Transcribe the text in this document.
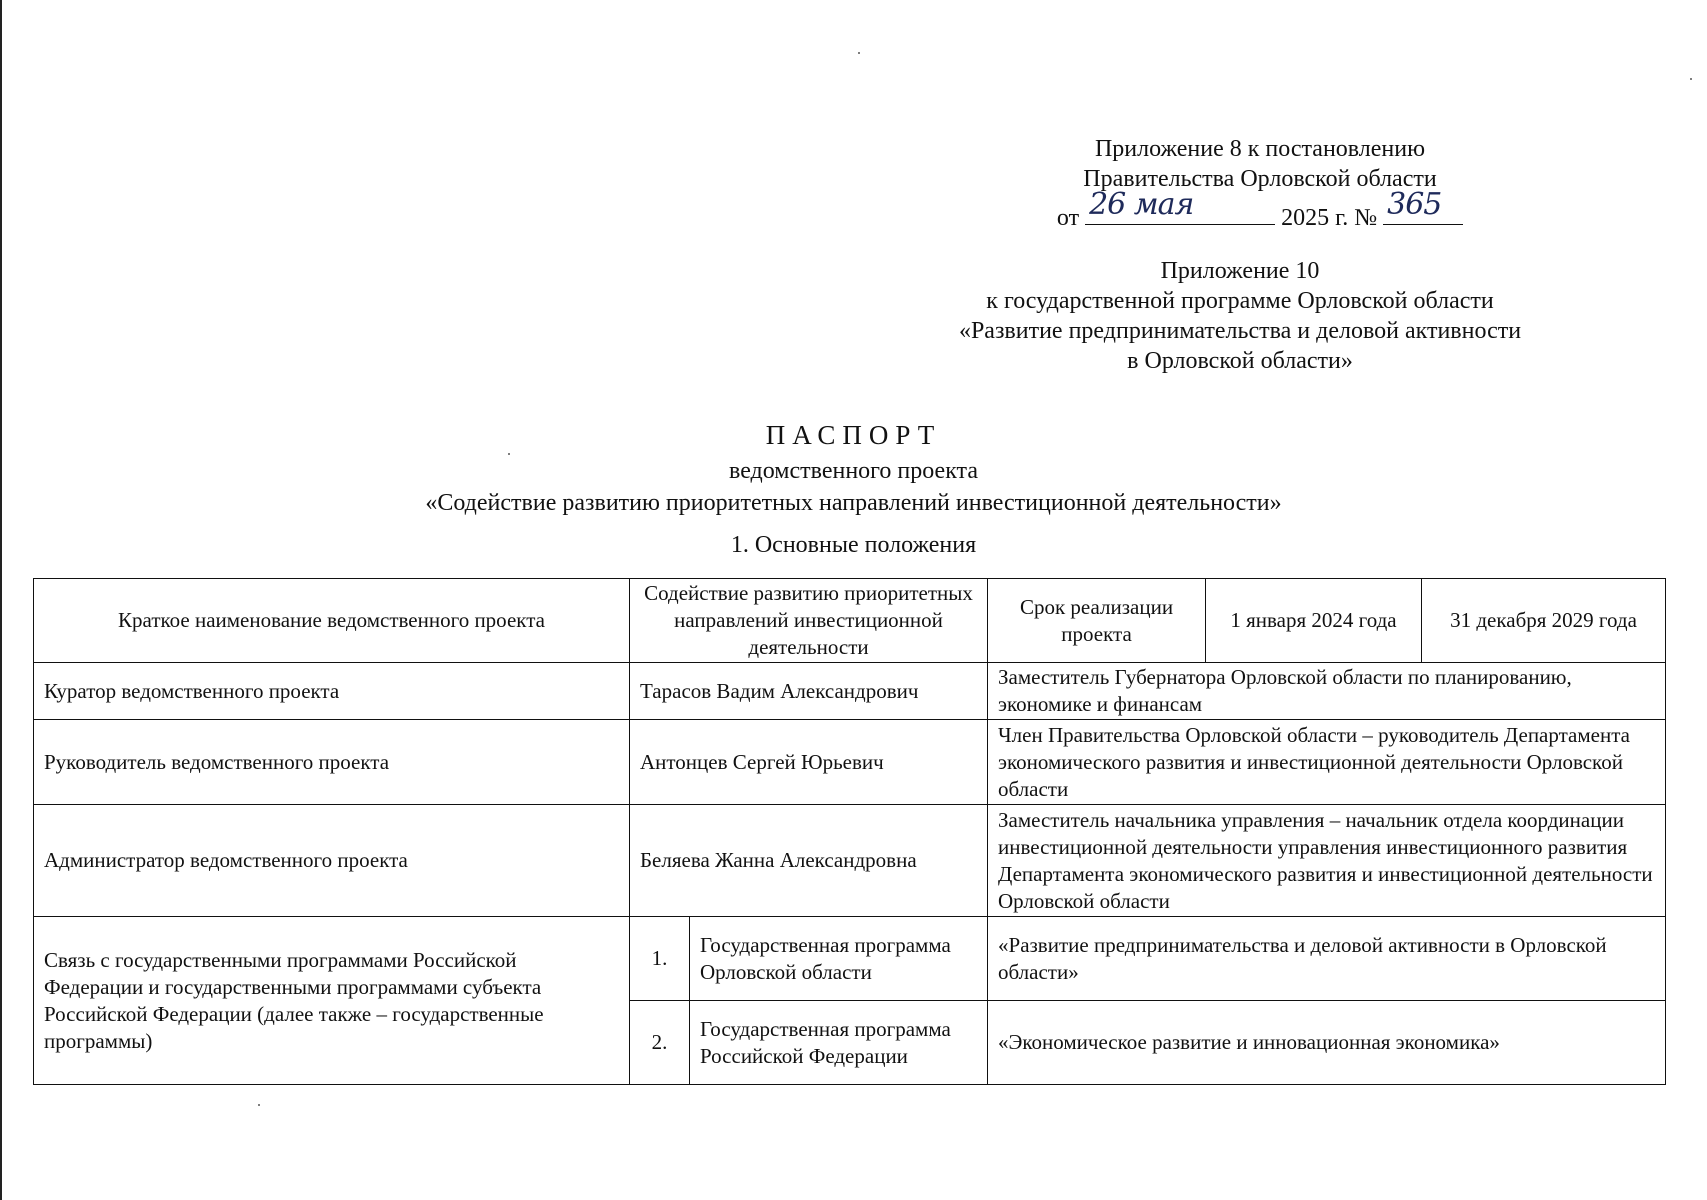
Приложение 8 к постановлению
Правительства Орловской области
от 26 мая	2025 г. № 365
Приложение 10
к государственной программе Орловской области
«Развитие предпринимательства и деловой активности
в Орловской области»
ПАСПОРТ
ведомственного проекта
«Содействие развитию приоритетных направлений инвестиционной деятельности»
1. Основные положения
Краткое наименование ведомственного проекта	Содействие развитию приоритетных направлений инвестиционной деятельности		Срок реализации проекта	1 января 2024 года	31 декабря 2029 года
Куратор ведомственного проекта	Тарасов Вадим Александрович		Заместитель Губернатора Орловской области по планированию, экономике и финансам		
Руководитель ведомственного проекта	Антонцев Сергей Юрьевич		Член Правительства Орловской области – руководитель Департамента экономического развития и инвестиционной деятельности Орловской области		
Администратор ведомственного проекта	Беляева Жанна Александровна		Заместитель начальника управления – начальник отдела координации инвестиционной деятельности управления инвестиционного развития Департамента экономического развития и инвестиционной деятельности Орловской области		
Связь с государственными программами Российской Федерации и государственными программами субъекта Российской Федерации (далее также – государственные программы)	1.	Государственная программа Орловской области	«Развитие предпринимательства и деловой активности в Орловской области»		
	2.	Государственная программа Российской Федерации	«Экономическое развитие и инновационная экономика»		
